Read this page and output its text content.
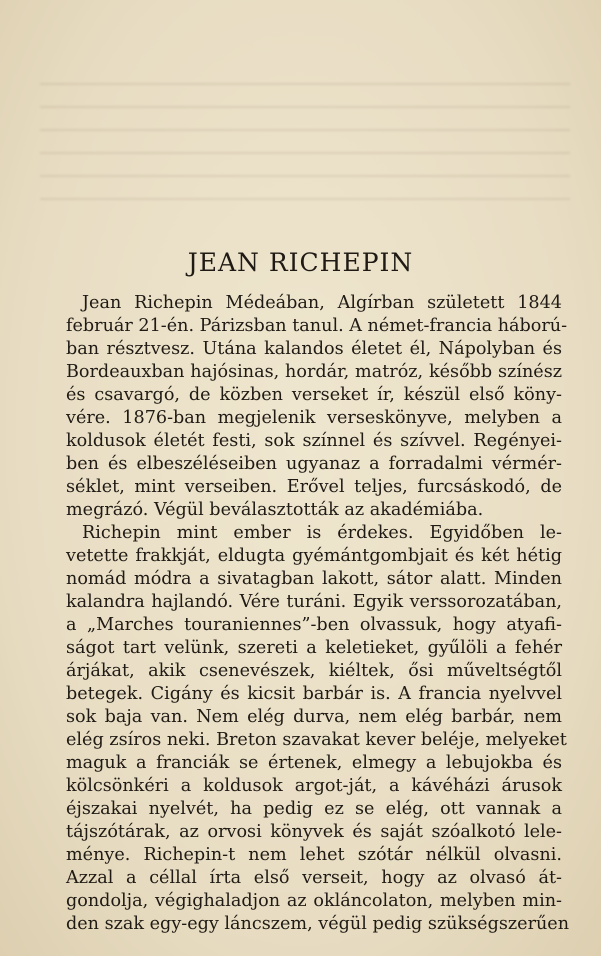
JEAN RICHEPIN
Jean Richepin Médeában, Algírban született 1844
február 21-én. Párizsban tanul. A német-francia háború-
ban résztvesz. Utána kalandos életet él, Nápolyban és
Bordeauxban hajósinas, hordár, matróz, később színész
és csavargó, de közben verseket ír, készül első köny-
vére. 1876-ban megjelenik verseskönyve, melyben a
koldusok életét festi, sok színnel és szívvel. Regényei-
ben és elbeszéléseiben ugyanaz a forradalmi vérmér-
séklet, mint verseiben. Erővel teljes, furcsáskodó, de
megrázó. Végül beválasztották az akadémiába.
Richepin mint ember is érdekes. Egyidőben le-
vetette frakkját, eldugta gyémántgombjait és két hétig
nomád módra a sivatagban lakott, sátor alatt. Minden
kalandra hajlandó. Vére turáni. Egyik verssorozatában,
a „Marches touraniennes”-ben olvassuk, hogy atyafi-
ságot tart velünk, szereti a keletieket, gyűlöli a fehér
árjákat, akik csenevészek, kiéltek, ősi műveltségtől
betegek. Cigány és kicsit barbár is. A francia nyelvvel
sok baja van. Nem elég durva, nem elég barbár, nem
elég zsíros neki. Breton szavakat kever beléje, melyeket
maguk a franciák se értenek, elmegy a lebujokba és
kölcsönkéri a koldusok argot-ját, a kávéházi árusok
éjszakai nyelvét, ha pedig ez se elég, ott vannak a
tájszótárak, az orvosi könyvek és saját szóalkotó lele-
ménye. Richepin-t nem lehet szótár nélkül olvasni.
Azzal a céllal írta első verseit, hogy az olvasó át-
gondolja, végighaladjon az okláncolaton, melyben min-
den szak egy-egy láncszem, végül pedig szükségszerűen
